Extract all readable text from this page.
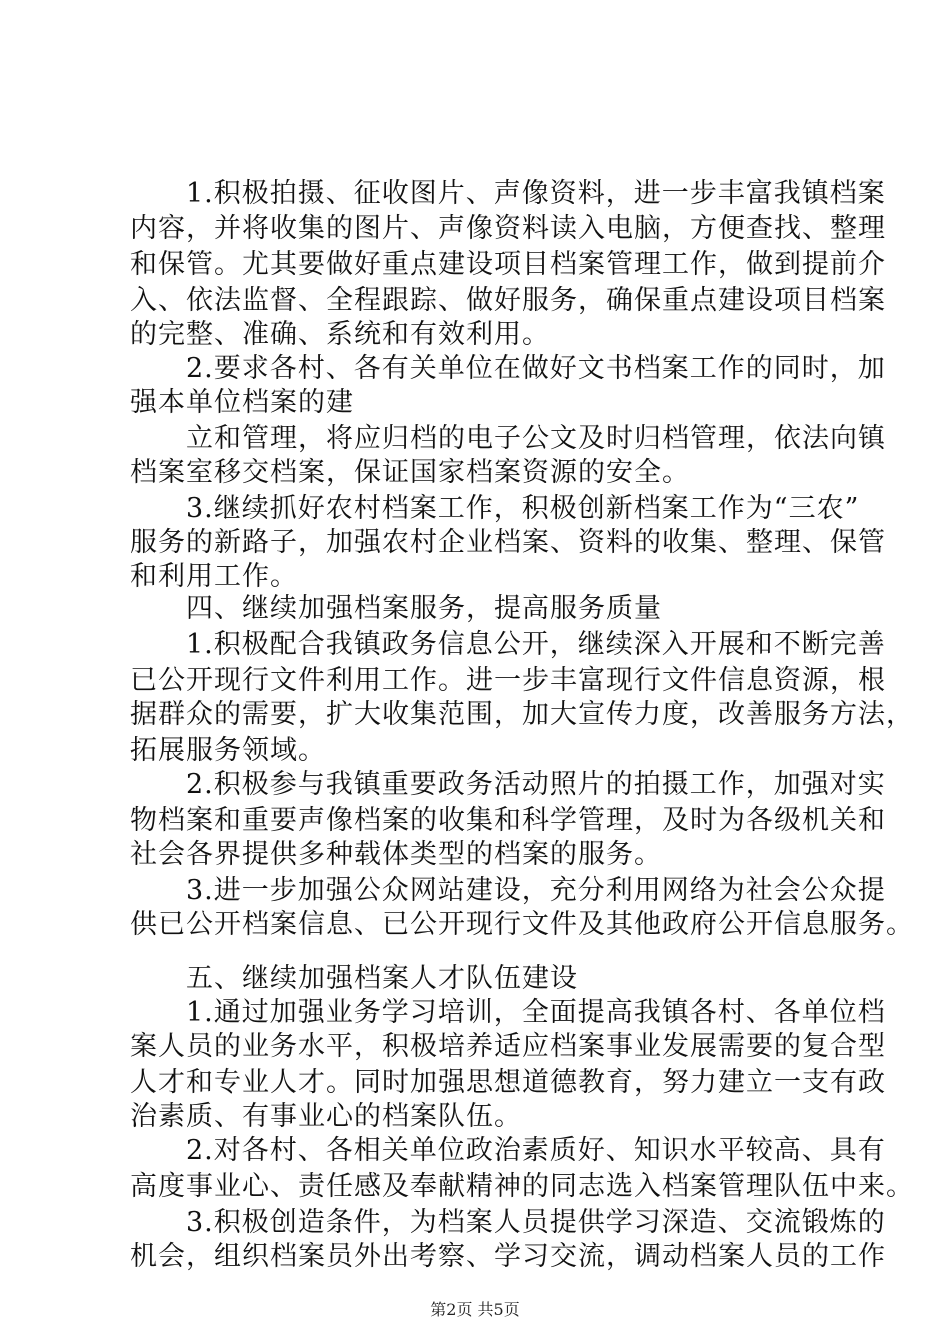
　　1.积极拍摄、征收图片、声像资料，进一步丰富我镇档案
内容，并将收集的图片、声像资料读入电脑，方便查找、整理
和保管。尤其要做好重点建设项目档案管理工作，做到提前介
入、依法监督、全程跟踪、做好服务，确保重点建设项目档案
的完整、准确、系统和有效利用。
　　2.要求各村、各有关单位在做好文书档案工作的同时，加
强本单位档案的建
　　立和管理，将应归档的电子公文及时归档管理，依法向镇
档案室移交档案，保证国家档案资源的安全。
　　3.继续抓好农村档案工作，积极创新档案工作为“三农”
服务的新路子，加强农村企业档案、资料的收集、整理、保管
和利用工作。
　　四、继续加强档案服务，提高服务质量
　　1.积极配合我镇政务信息公开，继续深入开展和不断完善
已公开现行文件利用工作。进一步丰富现行文件信息资源，根
据群众的需要，扩大收集范围，加大宣传力度，改善服务方法，
拓展服务领域。
　　2.积极参与我镇重要政务活动照片的拍摄工作，加强对实
物档案和重要声像档案的收集和科学管理，及时为各级机关和
社会各界提供多种载体类型的档案的服务。
　　3.进一步加强公众网站建设，充分利用网络为社会公众提
供已公开档案信息、已公开现行文件及其他政府公开信息服务。
　　五、继续加强档案人才队伍建设
　　1.通过加强业务学习培训，全面提高我镇各村、各单位档
案人员的业务水平，积极培养适应档案事业发展需要的复合型
人才和专业人才。同时加强思想道德教育，努力建立一支有政
治素质、有事业心的档案队伍。
　　2.对各村、各相关单位政治素质好、知识水平较高、具有
高度事业心、责任感及奉献精神的同志选入档案管理队伍中来。
　　3.积极创造条件，为档案人员提供学习深造、交流锻炼的
机会，组织档案员外出考察、学习交流，调动档案人员的工作
第2页 共5页
